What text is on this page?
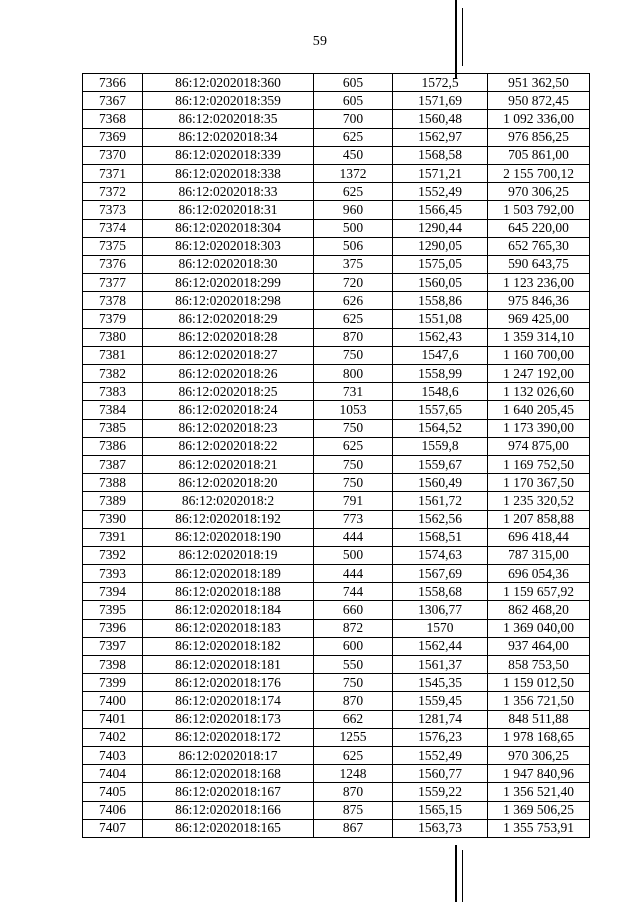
59
7366	86:12:0202018:360	605	1572,5	951 362,50
7367	86:12:0202018:359	605	1571,69	950 872,45
7368	86:12:0202018:35	700	1560,48	1 092 336,00
7369	86:12:0202018:34	625	1562,97	976 856,25
7370	86:12:0202018:339	450	1568,58	705 861,00
7371	86:12:0202018:338	1372	1571,21	2 155 700,12
7372	86:12:0202018:33	625	1552,49	970 306,25
7373	86:12:0202018:31	960	1566,45	1 503 792,00
7374	86:12:0202018:304	500	1290,44	645 220,00
7375	86:12:0202018:303	506	1290,05	652 765,30
7376	86:12:0202018:30	375	1575,05	590 643,75
7377	86:12:0202018:299	720	1560,05	1 123 236,00
7378	86:12:0202018:298	626	1558,86	975 846,36
7379	86:12:0202018:29	625	1551,08	969 425,00
7380	86:12:0202018:28	870	1562,43	1 359 314,10
7381	86:12:0202018:27	750	1547,6	1 160 700,00
7382	86:12:0202018:26	800	1558,99	1 247 192,00
7383	86:12:0202018:25	731	1548,6	1 132 026,60
7384	86:12:0202018:24	1053	1557,65	1 640 205,45
7385	86:12:0202018:23	750	1564,52	1 173 390,00
7386	86:12:0202018:22	625	1559,8	974 875,00
7387	86:12:0202018:21	750	1559,67	1 169 752,50
7388	86:12:0202018:20	750	1560,49	1 170 367,50
7389	86:12:0202018:2	791	1561,72	1 235 320,52
7390	86:12:0202018:192	773	1562,56	1 207 858,88
7391	86:12:0202018:190	444	1568,51	696 418,44
7392	86:12:0202018:19	500	1574,63	787 315,00
7393	86:12:0202018:189	444	1567,69	696 054,36
7394	86:12:0202018:188	744	1558,68	1 159 657,92
7395	86:12:0202018:184	660	1306,77	862 468,20
7396	86:12:0202018:183	872	1570	1 369 040,00
7397	86:12:0202018:182	600	1562,44	937 464,00
7398	86:12:0202018:181	550	1561,37	858 753,50
7399	86:12:0202018:176	750	1545,35	1 159 012,50
7400	86:12:0202018:174	870	1559,45	1 356 721,50
7401	86:12:0202018:173	662	1281,74	848 511,88
7402	86:12:0202018:172	1255	1576,23	1 978 168,65
7403	86:12:0202018:17	625	1552,49	970 306,25
7404	86:12:0202018:168	1248	1560,77	1 947 840,96
7405	86:12:0202018:167	870	1559,22	1 356 521,40
7406	86:12:0202018:166	875	1565,15	1 369 506,25
7407	86:12:0202018:165	867	1563,73	1 355 753,91
